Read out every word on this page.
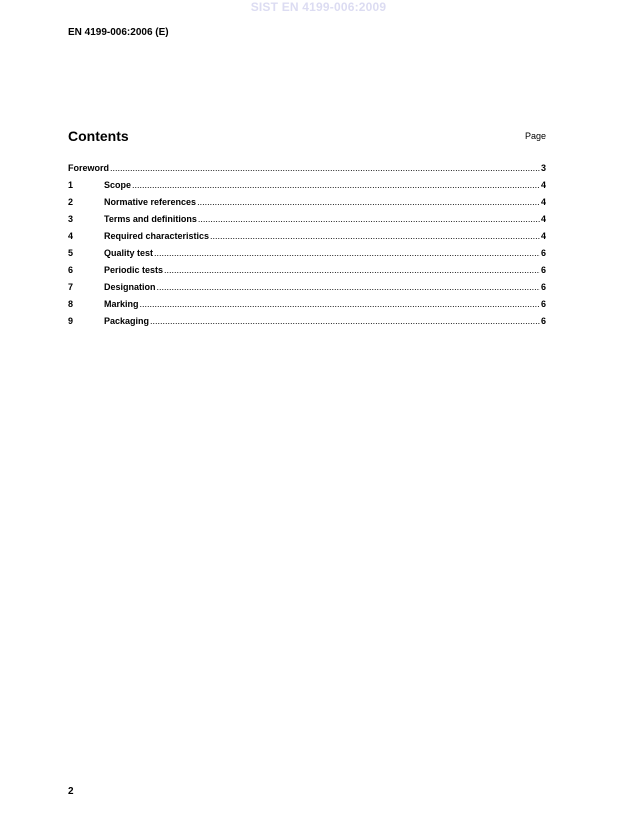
SIST EN 4199-006:2009
EN 4199-006:2006 (E)
Contents	Page
Foreword .....	3
1	Scope .....	4
2	Normative references .....	4
3	Terms and definitions .....	4
4	Required characteristics .....	4
5	Quality test .....	6
6	Periodic tests .....	6
7	Designation .....	6
8	Marking .....	6
9	Packaging .....	6
2
